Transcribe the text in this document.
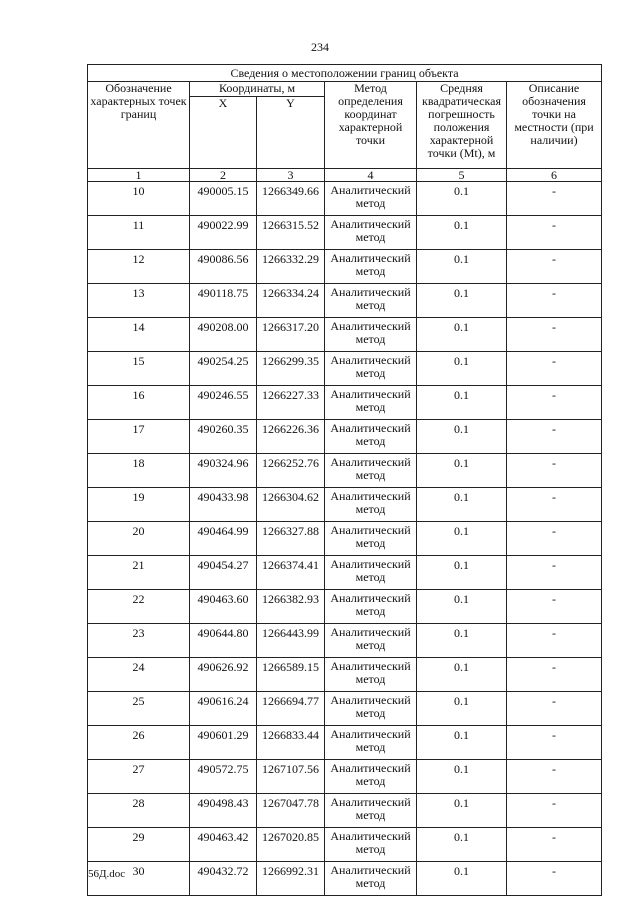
234
Сведения о местоположении границ объекта					
Обозначение характерных точек границ	Координаты, м		Метод определения координат характерной точки	Средняя квадратическая погрешность положения характерной точки (Mt), м	Описание обозначения точки на местности (при наличии)
	X	Y			
1	2	3	4	5	6
10	490005.15	1266349.66	Аналитический метод	0.1	-
11	490022.99	1266315.52	Аналитический метод	0.1	-
12	490086.56	1266332.29	Аналитический метод	0.1	-
13	490118.75	1266334.24	Аналитический метод	0.1	-
14	490208.00	1266317.20	Аналитический метод	0.1	-
15	490254.25	1266299.35	Аналитический метод	0.1	-
16	490246.55	1266227.33	Аналитический метод	0.1	-
17	490260.35	1266226.36	Аналитический метод	0.1	-
18	490324.96	1266252.76	Аналитический метод	0.1	-
19	490433.98	1266304.62	Аналитический метод	0.1	-
20	490464.99	1266327.88	Аналитический метод	0.1	-
21	490454.27	1266374.41	Аналитический метод	0.1	-
22	490463.60	1266382.93	Аналитический метод	0.1	-
23	490644.80	1266443.99	Аналитический метод	0.1	-
24	490626.92	1266589.15	Аналитический метод	0.1	-
25	490616.24	1266694.77	Аналитический метод	0.1	-
26	490601.29	1266833.44	Аналитический метод	0.1	-
27	490572.75	1267107.56	Аналитический метод	0.1	-
28	490498.43	1267047.78	Аналитический метод	0.1	-
29	490463.42	1267020.85	Аналитический метод	0.1	-
30	490432.72	1266992.31	Аналитический метод	0.1	-
56Д.doc
